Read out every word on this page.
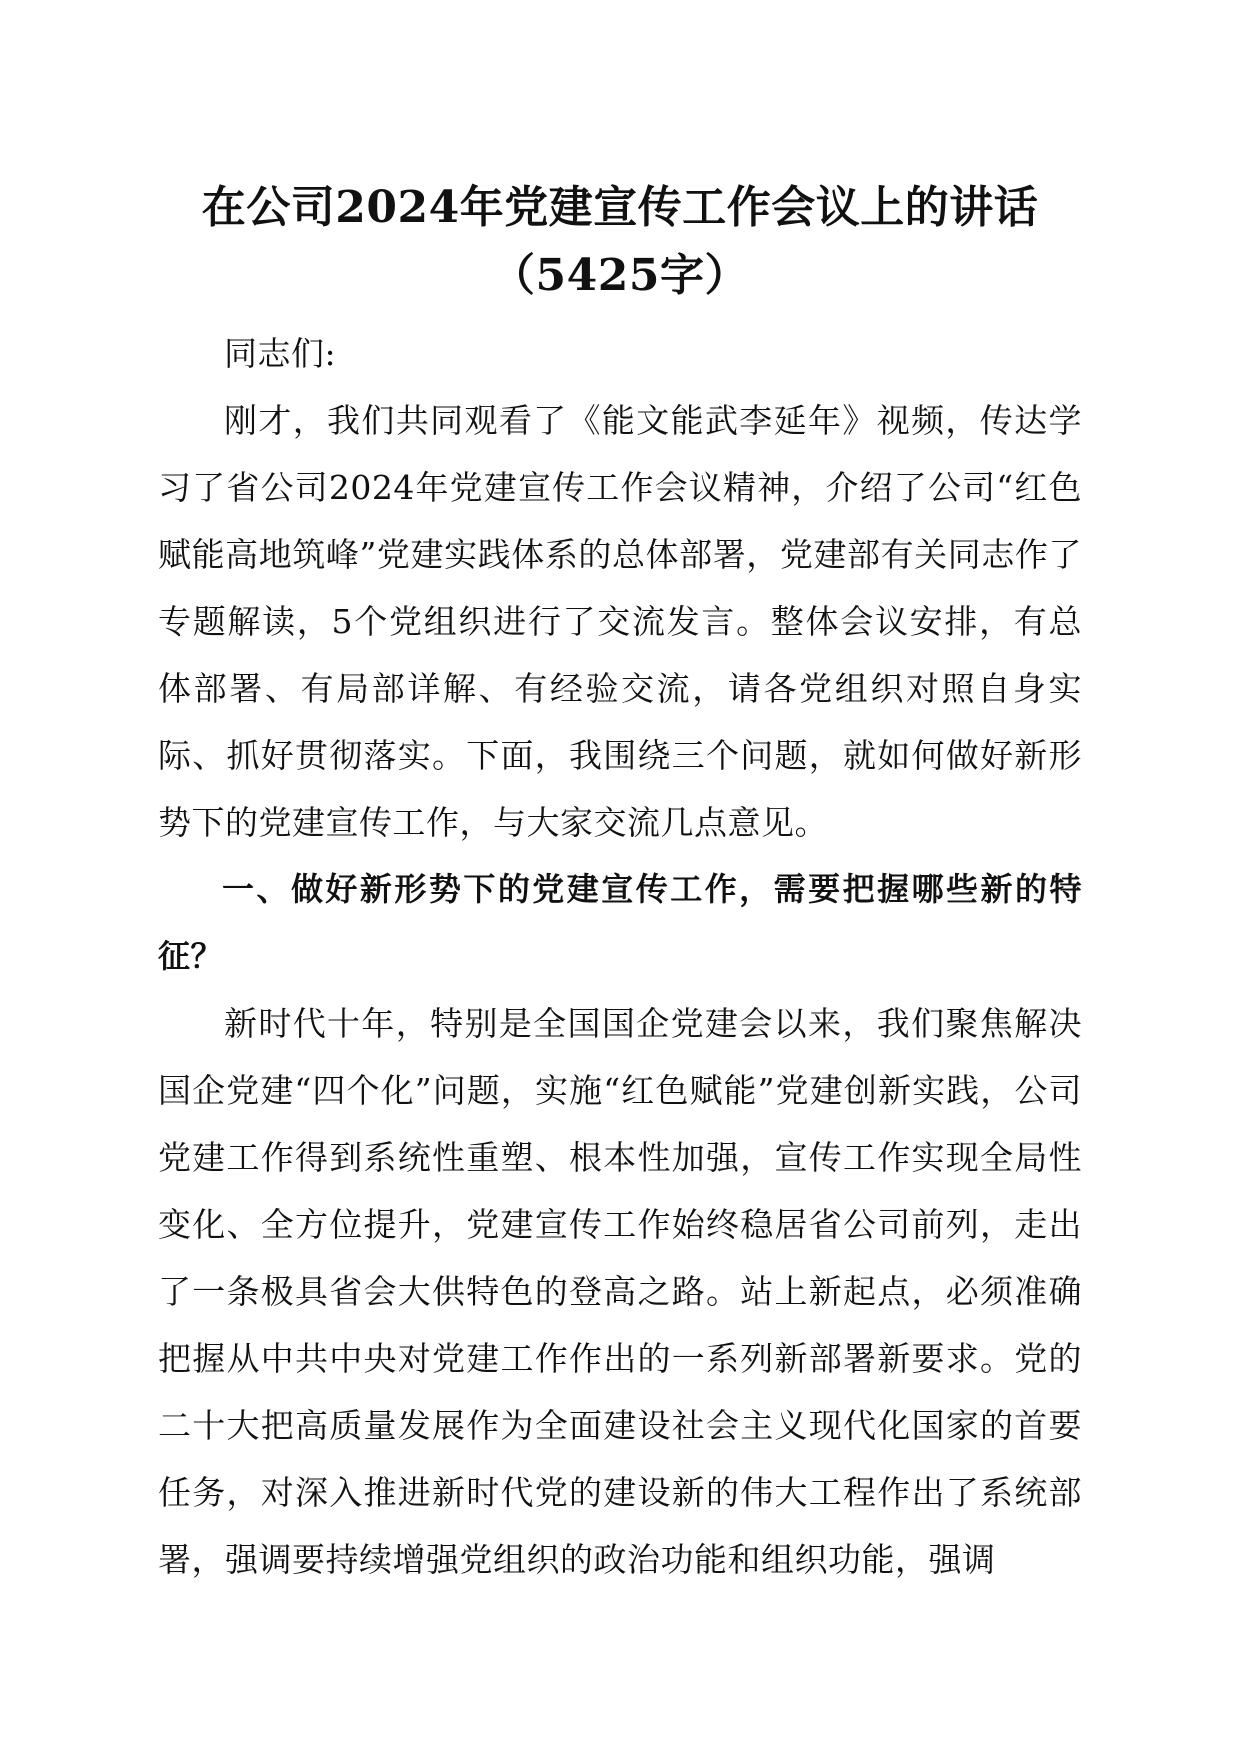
在公司2024年党建宣传工作会议上的讲话
（5425字）

同志们:

刚才，我们共同观看了《能文能武李延年》视频，传达学习了省公司2024年党建宣传工作会议精神，介绍了公司“红色赋能高地筑峰”党建实践体系的总体部署，党建部有关同志作了专题解读，5个党组织进行了交流发言。整体会议安排，有总体部署、有局部详解、有经验交流，请各党组织对照自身实际、抓好贯彻落实。下面，我围绕三个问题，就如何做好新形势下的党建宣传工作，与大家交流几点意见。

一、做好新形势下的党建宣传工作，需要把握哪些新的特征？

新时代十年，特别是全国国企党建会以来，我们聚焦解决国企党建“四个化”问题，实施“红色赋能”党建创新实践，公司党建工作得到系统性重塑、根本性加强，宣传工作实现全局性变化、全方位提升，党建宣传工作始终稳居省公司前列，走出了一条极具省会大供特色的登高之路。站上新起点，必须准确把握从中共中央对党建工作作出的一系列新部署新要求。党的二十大把高质量发展作为全面建设社会主义现代化国家的首要任务，对深入推进新时代党的建设新的伟大工程作出了系统部署，强调要持续增强党组织的政治功能和组织功能，强调
